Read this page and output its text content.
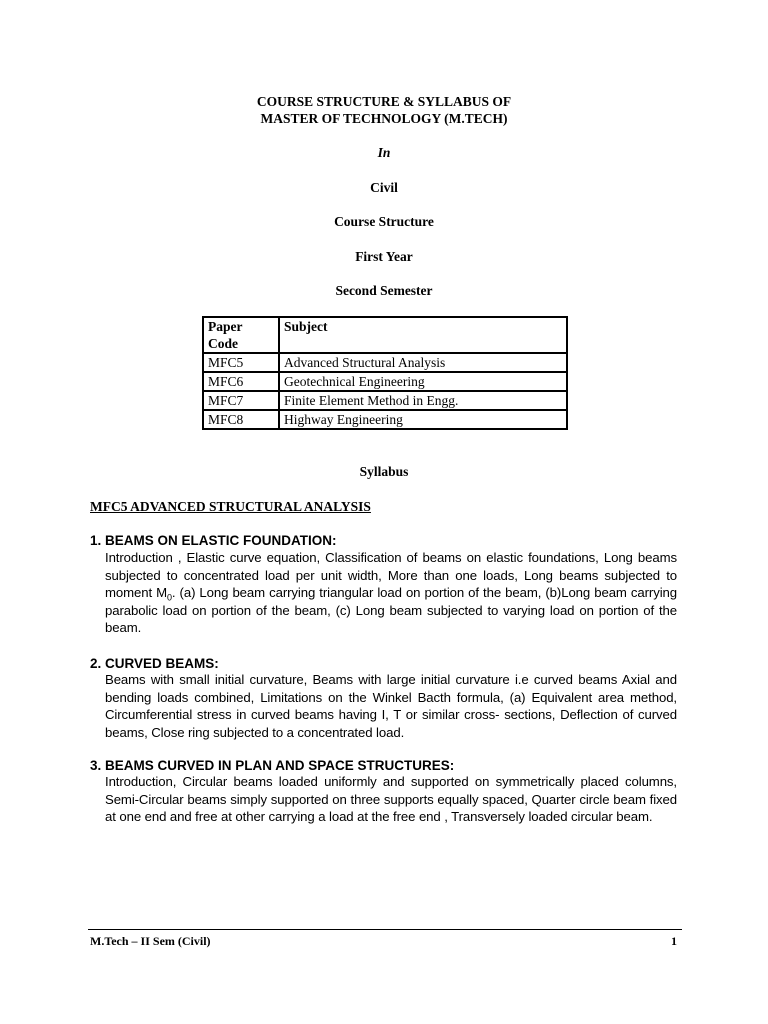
COURSE STRUCTURE & SYLLABUS OF
MASTER OF TECHNOLOGY (M.TECH)
In
Civil
Course Structure
First Year
Second Semester
Paper Code	Subject
MFC5	Advanced Structural Analysis
MFC6	Geotechnical Engineering
MFC7	Finite Element Method in Engg.
MFC8	Highway Engineering
Syllabus
MFC5 ADVANCED STRUCTURAL ANALYSIS
1. BEAMS ON ELASTIC FOUNDATION:
Introduction , Elastic curve equation, Classification of beams on elastic foundations, Long beams subjected to concentrated load per unit width, More than one loads, Long beams subjected to moment $M_0$. (a) Long beam carrying triangular load on portion of the beam, (b)Long beam carrying parabolic load on portion of the beam, (c) Long beam subjected to varying load on portion of the beam.
2. CURVED BEAMS:
Beams with small initial curvature, Beams with large initial curvature i.e curved beams Axial and bending loads combined, Limitations on the Winkel Bacth formula, (a) Equivalent area method, Circumferential stress in curved beams having I, T or similar cross- sections, Deflection of curved beams, Close ring subjected to a concentrated load.
3. BEAMS CURVED IN PLAN AND SPACE STRUCTURES:
Introduction, Circular beams loaded uniformly and supported on symmetrically placed columns, Semi-Circular beams simply supported on three supports equally spaced, Quarter circle beam fixed at one end and free at other carrying a load at the free end , Transversely loaded circular beam.
M.Tech – II Sem (Civil)	1
